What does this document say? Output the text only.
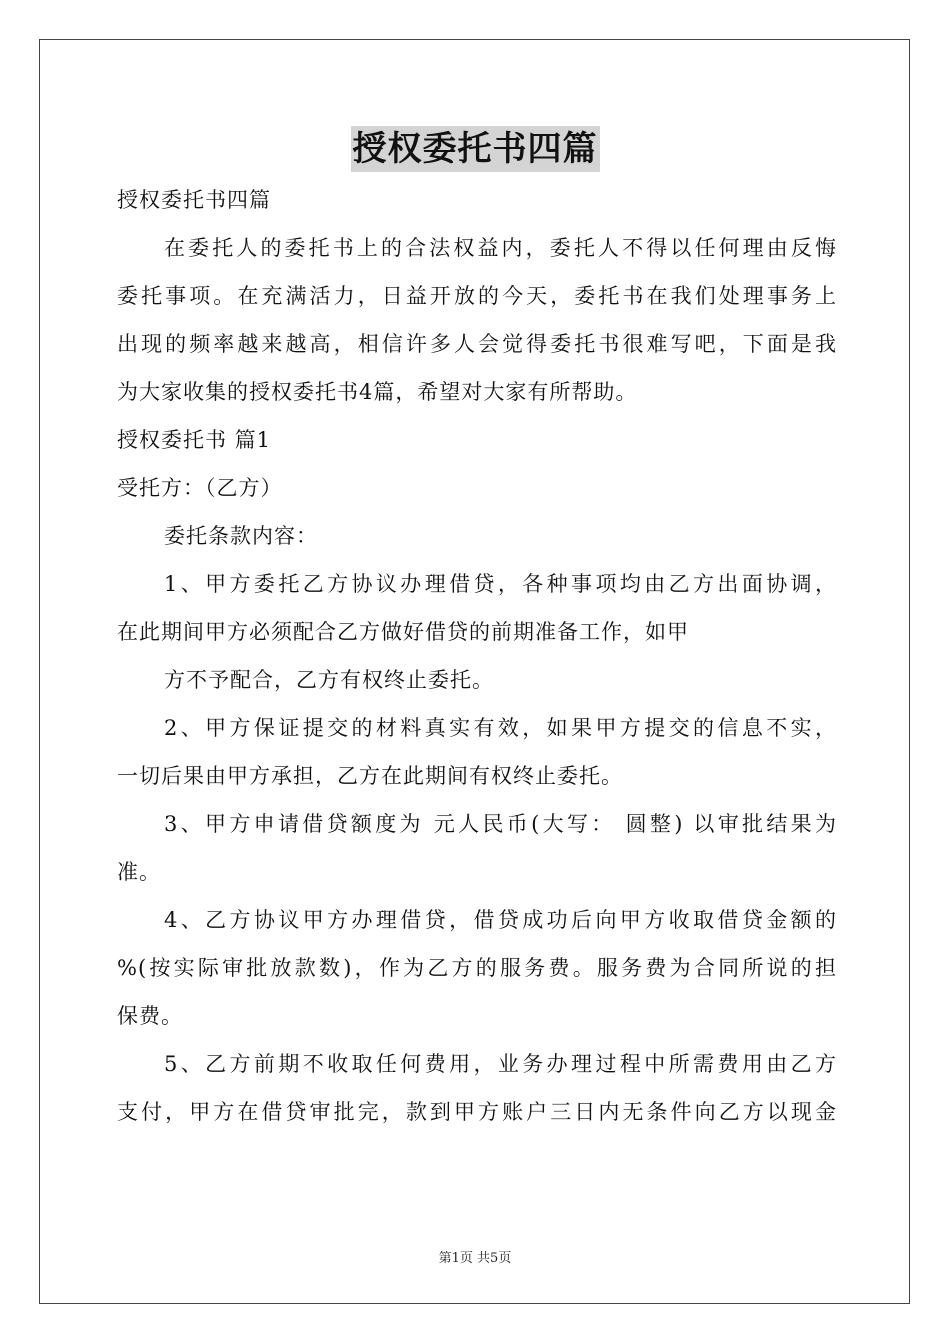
授权委托书四篇
授权委托书四篇
在委托人的委托书上的合法权益内，委托人不得以任何理由反悔
委托事项。在充满活力，日益开放的今天，委托书在我们处理事务上
出现的频率越来越高，相信许多人会觉得委托书很难写吧，下面是我
为大家收集的授权委托书4篇，希望对大家有所帮助。
授权委托书 篇1
受托方：（乙方）
委托条款内容：
1、甲方委托乙方协议办理借贷，各种事项均由乙方出面协调，
在此期间甲方必须配合乙方做好借贷的前期准备工作，如甲
方不予配合，乙方有权终止委托。
2、甲方保证提交的材料真实有效，如果甲方提交的信息不实，
一切后果由甲方承担，乙方在此期间有权终止委托。
3、甲方申请借贷额度为 元人民币(大写： 圆整) 以审批结果为
准。
4、乙方协议甲方办理借贷，借贷成功后向甲方收取借贷金额的
%(按实际审批放款数)，作为乙方的服务费。服务费为合同所说的担
保费。
5、乙方前期不收取任何费用，业务办理过程中所需费用由乙方
支付，甲方在借贷审批完，款到甲方账户三日内无条件向乙方以现金
第1页 共5页
